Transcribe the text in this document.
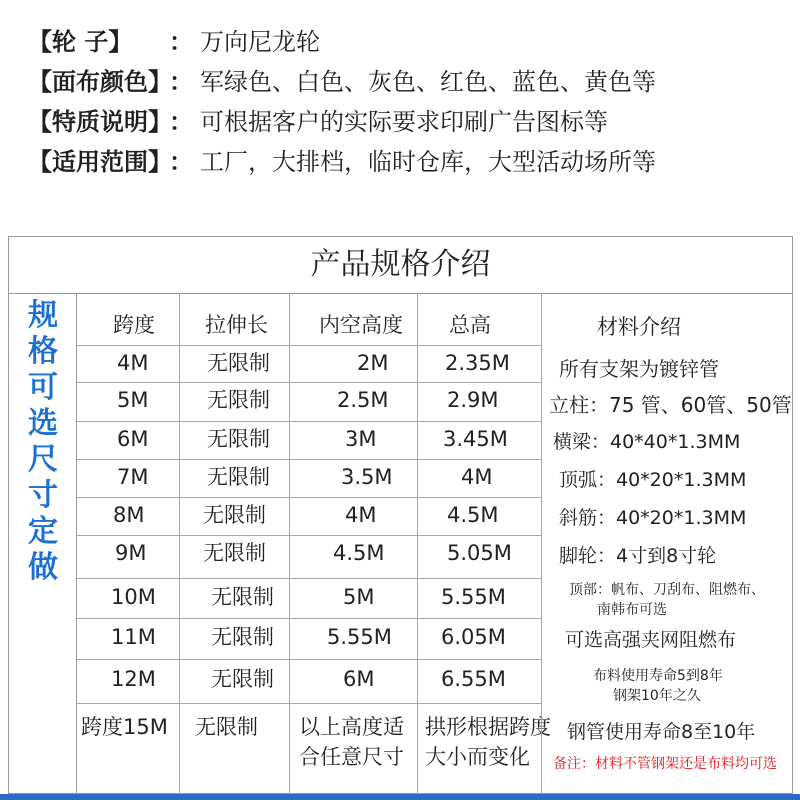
【轮 子】 ： 万向尼龙轮
【面布颜色】： 军绿色、白色、灰色、红色、蓝色、黄色等
【特质说明】： 可根据客户的实际要求印刷广告图标等
【适用范围】： 工厂，大排档，临时仓库，大型活动场所等
产品规格介绍
规
格
可
选
尺
寸
定
做
跨度 拉伸长 内空高度 总高
4M	无限制	2M	2.35M
5M	无限制	2.5M	2.9M
6M	无限制	3M	3.45M
7M	无限制	3.5M	4M
8M	无限制	4M	4.5M
9M	无限制	4.5M	5.05M
10M	无限制	5M	5.55M
11M	无限制	5.55M 6.05M
12M	无限制	6M	6.55M
跨度15M 无限制 以上高度适
合任意尺寸
拱形根据跨度
大小而变化
材料介绍
所有支架为镀锌管
立柱：75 管、60管、50管
横梁：40*40*1.3MM
顶弧：40*20*1.3MM
斜筋：40*20*1.3MM
脚轮：4寸到8寸轮
顶部：帆布、刀刮布、阻燃布、
南韩布可选
可选高强夹网阻燃布
布料使用寿命5到8年
钢架10年之久
钢管使用寿命8至10年
备注：材料不管钢架还是布料均可选
